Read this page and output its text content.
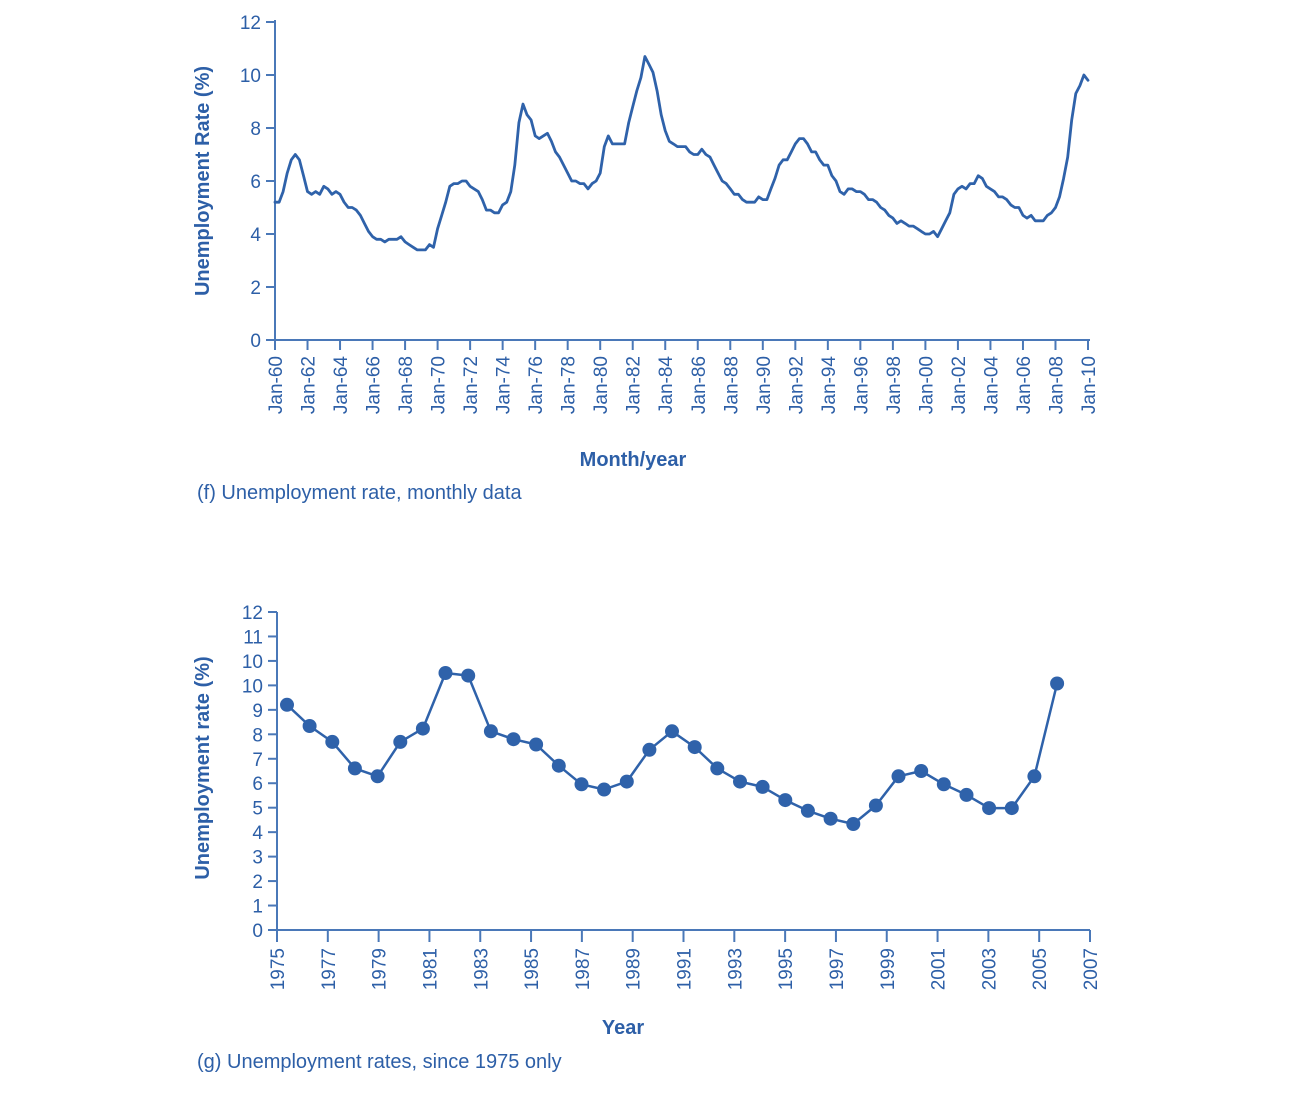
Unemployment Rate (%)
0
2
4
6
8
10
12
Jan-60 Jan-62 Jan-64 Jan-66 Jan-68 Jan-70 Jan-72 Jan-74 Jan-76 Jan-78 Jan-80 Jan-82 Jan-84 Jan-86 Jan-88 Jan-90 Jan-92 Jan-94 Jan-96 Jan-98 Jan-00 Jan-02 Jan-04 Jan-06 Jan-08 Jan-10
Month/year
(f) Unemployment rate, monthly data
Unemployment rate (%)
0
1
2
3
4
5
6
7
8
9
10
10
11
12
1975 1977 1979 1981 1983 1985 1987 1989 1991 1993 1995 1997 1999 2001 2003 2005 2007
Year
(g) Unemployment rates, since 1975 only
